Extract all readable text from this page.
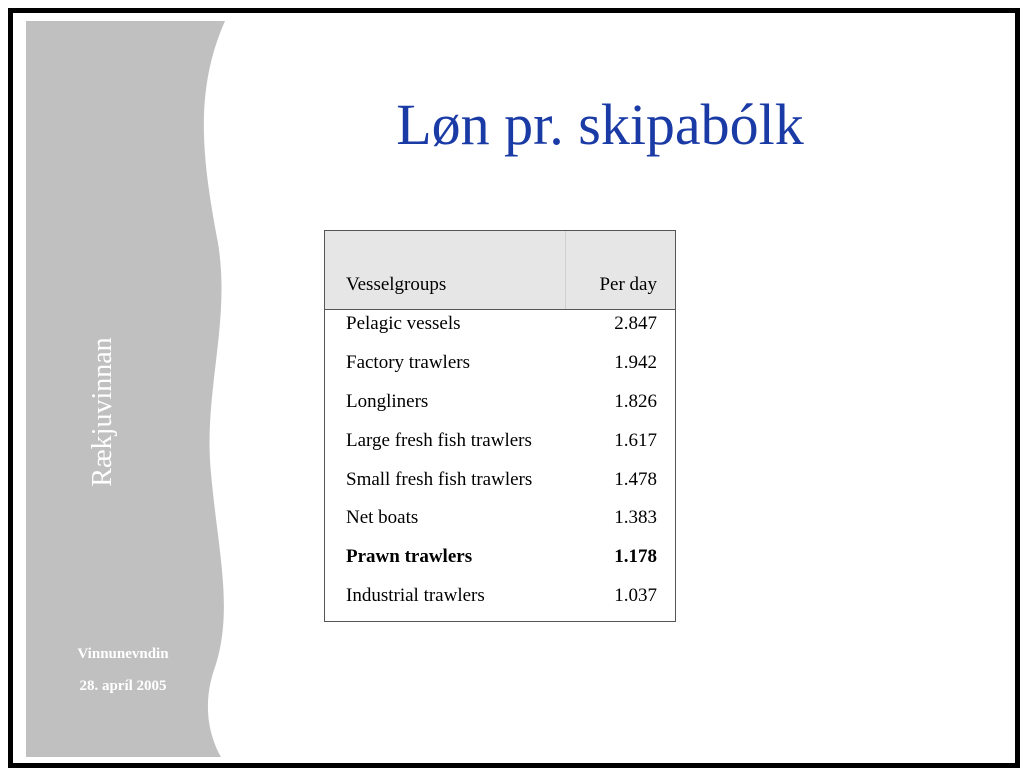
Rækjuvinnan
Vinnunevndin
28. apríl 2005
Løn pr. skipabólk
Vesselgroups	Per day
Pelagic vessels	2.847
Factory trawlers	1.942
Longliners	1.826
Large fresh fish trawlers	1.617
Small fresh fish trawlers	1.478
Net boats	1.383
Prawn trawlers	1.178
Industrial trawlers	1.037
